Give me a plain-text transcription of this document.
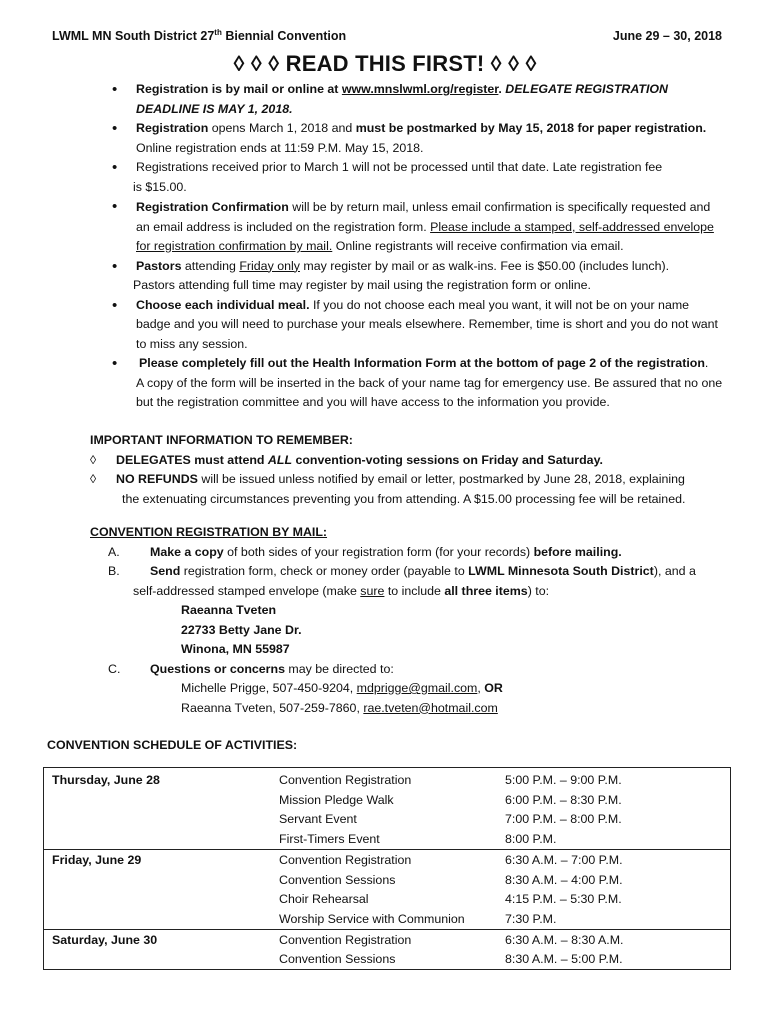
LWML MN South District 27th Biennial Convention	June 29 – 30, 2018
◊ ◊ ◊ READ THIS FIRST! ◊ ◊ ◊
• Registration is by mail or online at www.mnslwml.org/register. DELEGATE REGISTRATION DEADLINE IS MAY 1, 2018.
• Registration opens March 1, 2018 and must be postmarked by May 15, 2018 for paper registration.
Online registration ends at 11:59 P.M. May 15, 2018.
• Registrations received prior to March 1 will not be processed until that date. Late registration fee
is $15.00.
• Registration Confirmation will be by return mail, unless email confirmation is specifically requested and an email address is included on the registration form. Please include a stamped, self-addressed envelope for registration confirmation by mail. Online registrants will receive confirmation via email.
• Pastors attending Friday only may register by mail or as walk-ins. Fee is $50.00 (includes lunch).
Pastors attending full time may register by mail using the registration form or online.
• Choose each individual meal. If you do not choose each meal you want, it will not be on your name badge and you will need to purchase your meals elsewhere. Remember, time is short and you do not want to miss any session.
• Please completely fill out the Health Information Form at the bottom of page 2 of the registration.
A copy of the form will be inserted in the back of your name tag for emergency use. Be assured that no one but the registration committee and you will have access to the information you provide.
IMPORTANT INFORMATION TO REMEMBER:
◊ DELEGATES must attend ALL convention-voting sessions on Friday and Saturday.
◊ NO REFUNDS will be issued unless notified by email or letter, postmarked by June 28, 2018, explaining
the extenuating circumstances preventing you from attending. A $15.00 processing fee will be retained.
CONVENTION REGISTRATION BY MAIL:
A.	Make a copy of both sides of your registration form (for your records) before mailing.
B.	Send registration form, check or money order (payable to LWML Minnesota South District), and a
self-addressed stamped envelope (make sure to include all three items) to:
Raeanna Tveten
22733 Betty Jane Dr.
Winona, MN 55987
C.	Questions or concerns may be directed to:
Michelle Prigge, 507-450-9204, mdprigge@gmail.com, OR
Raeanna Tveten, 507-259-7860, rae.tveten@hotmail.com
CONVENTION SCHEDULE OF ACTIVITIES:
Thursday, June 28	Convention Registration	5:00 P.M. – 9:00 P.M.
	Mission Pledge Walk	6:00 P.M. – 8:30 P.M.
	Servant Event	7:00 P.M. – 8:00 P.M.
	First-Timers Event	8:00 P.M.
Friday, June 29	Convention Registration	6:30 A.M. – 7:00 P.M.
	Convention Sessions	8:30 A.M. – 4:00 P.M.
	Choir Rehearsal	4:15 P.M. – 5:30 P.M.
	Worship Service with Communion	7:30 P.M.
Saturday, June 30	Convention Registration	6:30 A.M. – 8:30 A.M.
	Convention Sessions	8:30 A.M. – 5:00 P.M.
